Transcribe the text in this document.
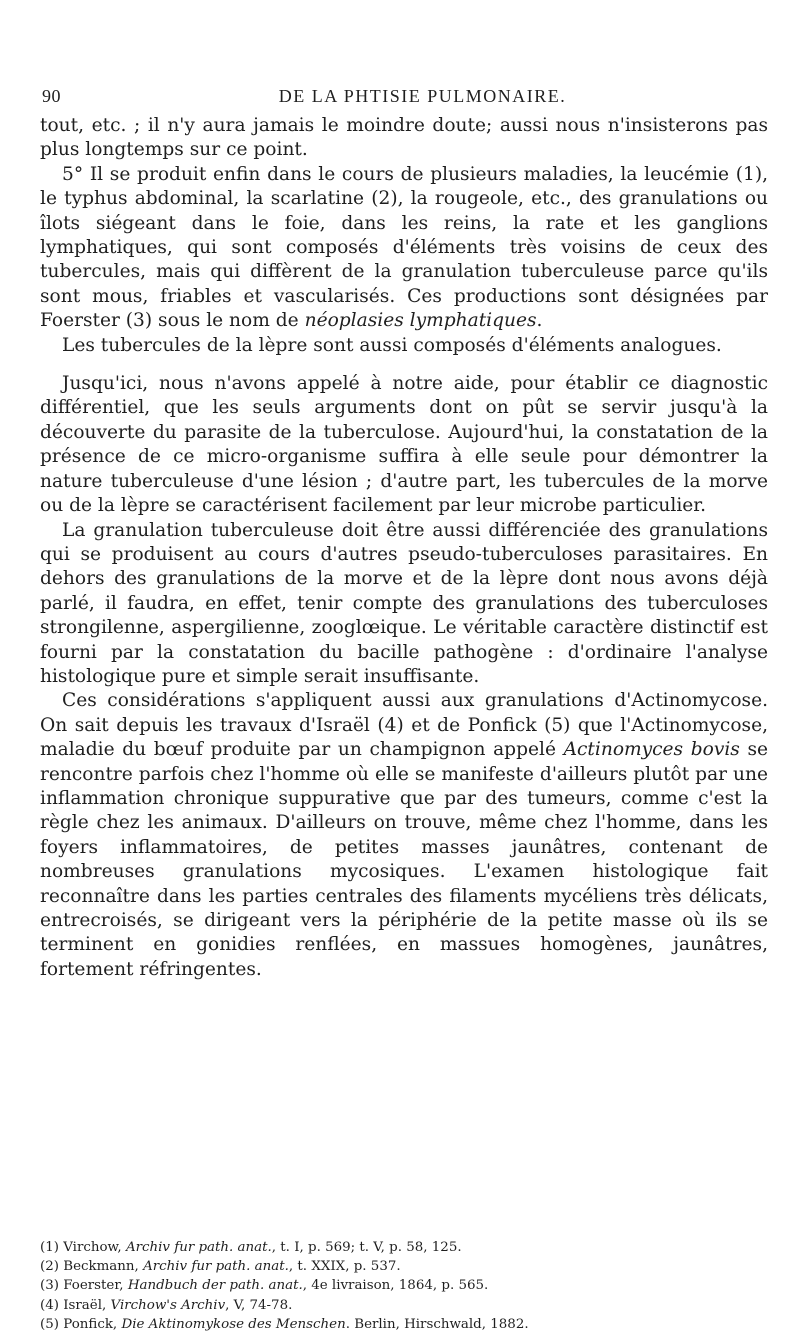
90	DE LA PHTISIE PULMONAIRE.

tout, etc. ; il n'y aura jamais le moindre doute; aussi nous n'insisterons pas plus longtemps sur ce point.

5° Il se produit enfin dans le cours de plusieurs maladies, la leucémie (1), le typhus abdominal, la scarlatine (2), la rougeole, etc., des granulations ou îlots siégeant dans le foie, dans les reins, la rate et les ganglions lymphatiques, qui sont composés d'éléments très voisins de ceux des tubercules, mais qui diffèrent de la granulation tuberculeuse parce qu'ils sont mous, friables et vascularisés. Ces productions sont désignées par Foerster (3) sous le nom de néoplasies lymphatiques.

Les tubercules de la lèpre sont aussi composés d'éléments analogues.

Jusqu'ici, nous n'avons appelé à notre aide, pour établir ce diagnostic différentiel, que les seuls arguments dont on pût se servir jusqu'à la découverte du parasite de la tuberculose. Aujourd'hui, la constatation de la présence de ce micro-organisme suffira à elle seule pour démontrer la nature tuberculeuse d'une lésion ; d'autre part, les tubercules de la morve ou de la lèpre se caractérisent facilement par leur microbe particulier.

La granulation tuberculeuse doit être aussi différenciée des granulations qui se produisent au cours d'autres pseudo-tuberculoses parasitaires. En dehors des granulations de la morve et de la lèpre dont nous avons déjà parlé, il faudra, en effet, tenir compte des granulations des tuberculoses strongilenne, aspergilienne, zooglœique. Le véritable caractère distinctif est fourni par la constatation du bacille pathogène : d'ordinaire l'analyse histologique pure et simple serait insuffisante.

Ces considérations s'appliquent aussi aux granulations d'Actinomycose. On sait depuis les travaux d'Israël (4) et de Ponfick (5) que l'Actinomycose, maladie du bœuf produite par un champignon appelé Actinomyces bovis se rencontre parfois chez l'homme où elle se manifeste d'ailleurs plutôt par une inflammation chronique suppurative que par des tumeurs, comme c'est la règle chez les animaux. D'ailleurs on trouve, même chez l'homme, dans les foyers inflammatoires, de petites masses jaunâtres, contenant de nombreuses granulations mycosiques. L'examen histologique fait reconnaître dans les parties centrales des filaments mycéliens très délicats, entrecroisés, se dirigeant vers la périphérie de la petite masse où ils se terminent en gonidies renflées, en massues homogènes, jaunâtres, fortement réfringentes.

(1) Virchow, Archiv fur path. anat., t. I, p. 569; t. V, p. 58, 125.
(2) Beckmann, Archiv fur path. anat., t. XXIX, p. 537.
(3) Foerster, Handbuch der path. anat., 4e livraison, 1864, p. 565.
(4) Israël, Virchow's Archiv, V, 74-78.
(5) Ponfick, Die Aktinomykose des Menschen. Berlin, Hirschwald, 1882.
